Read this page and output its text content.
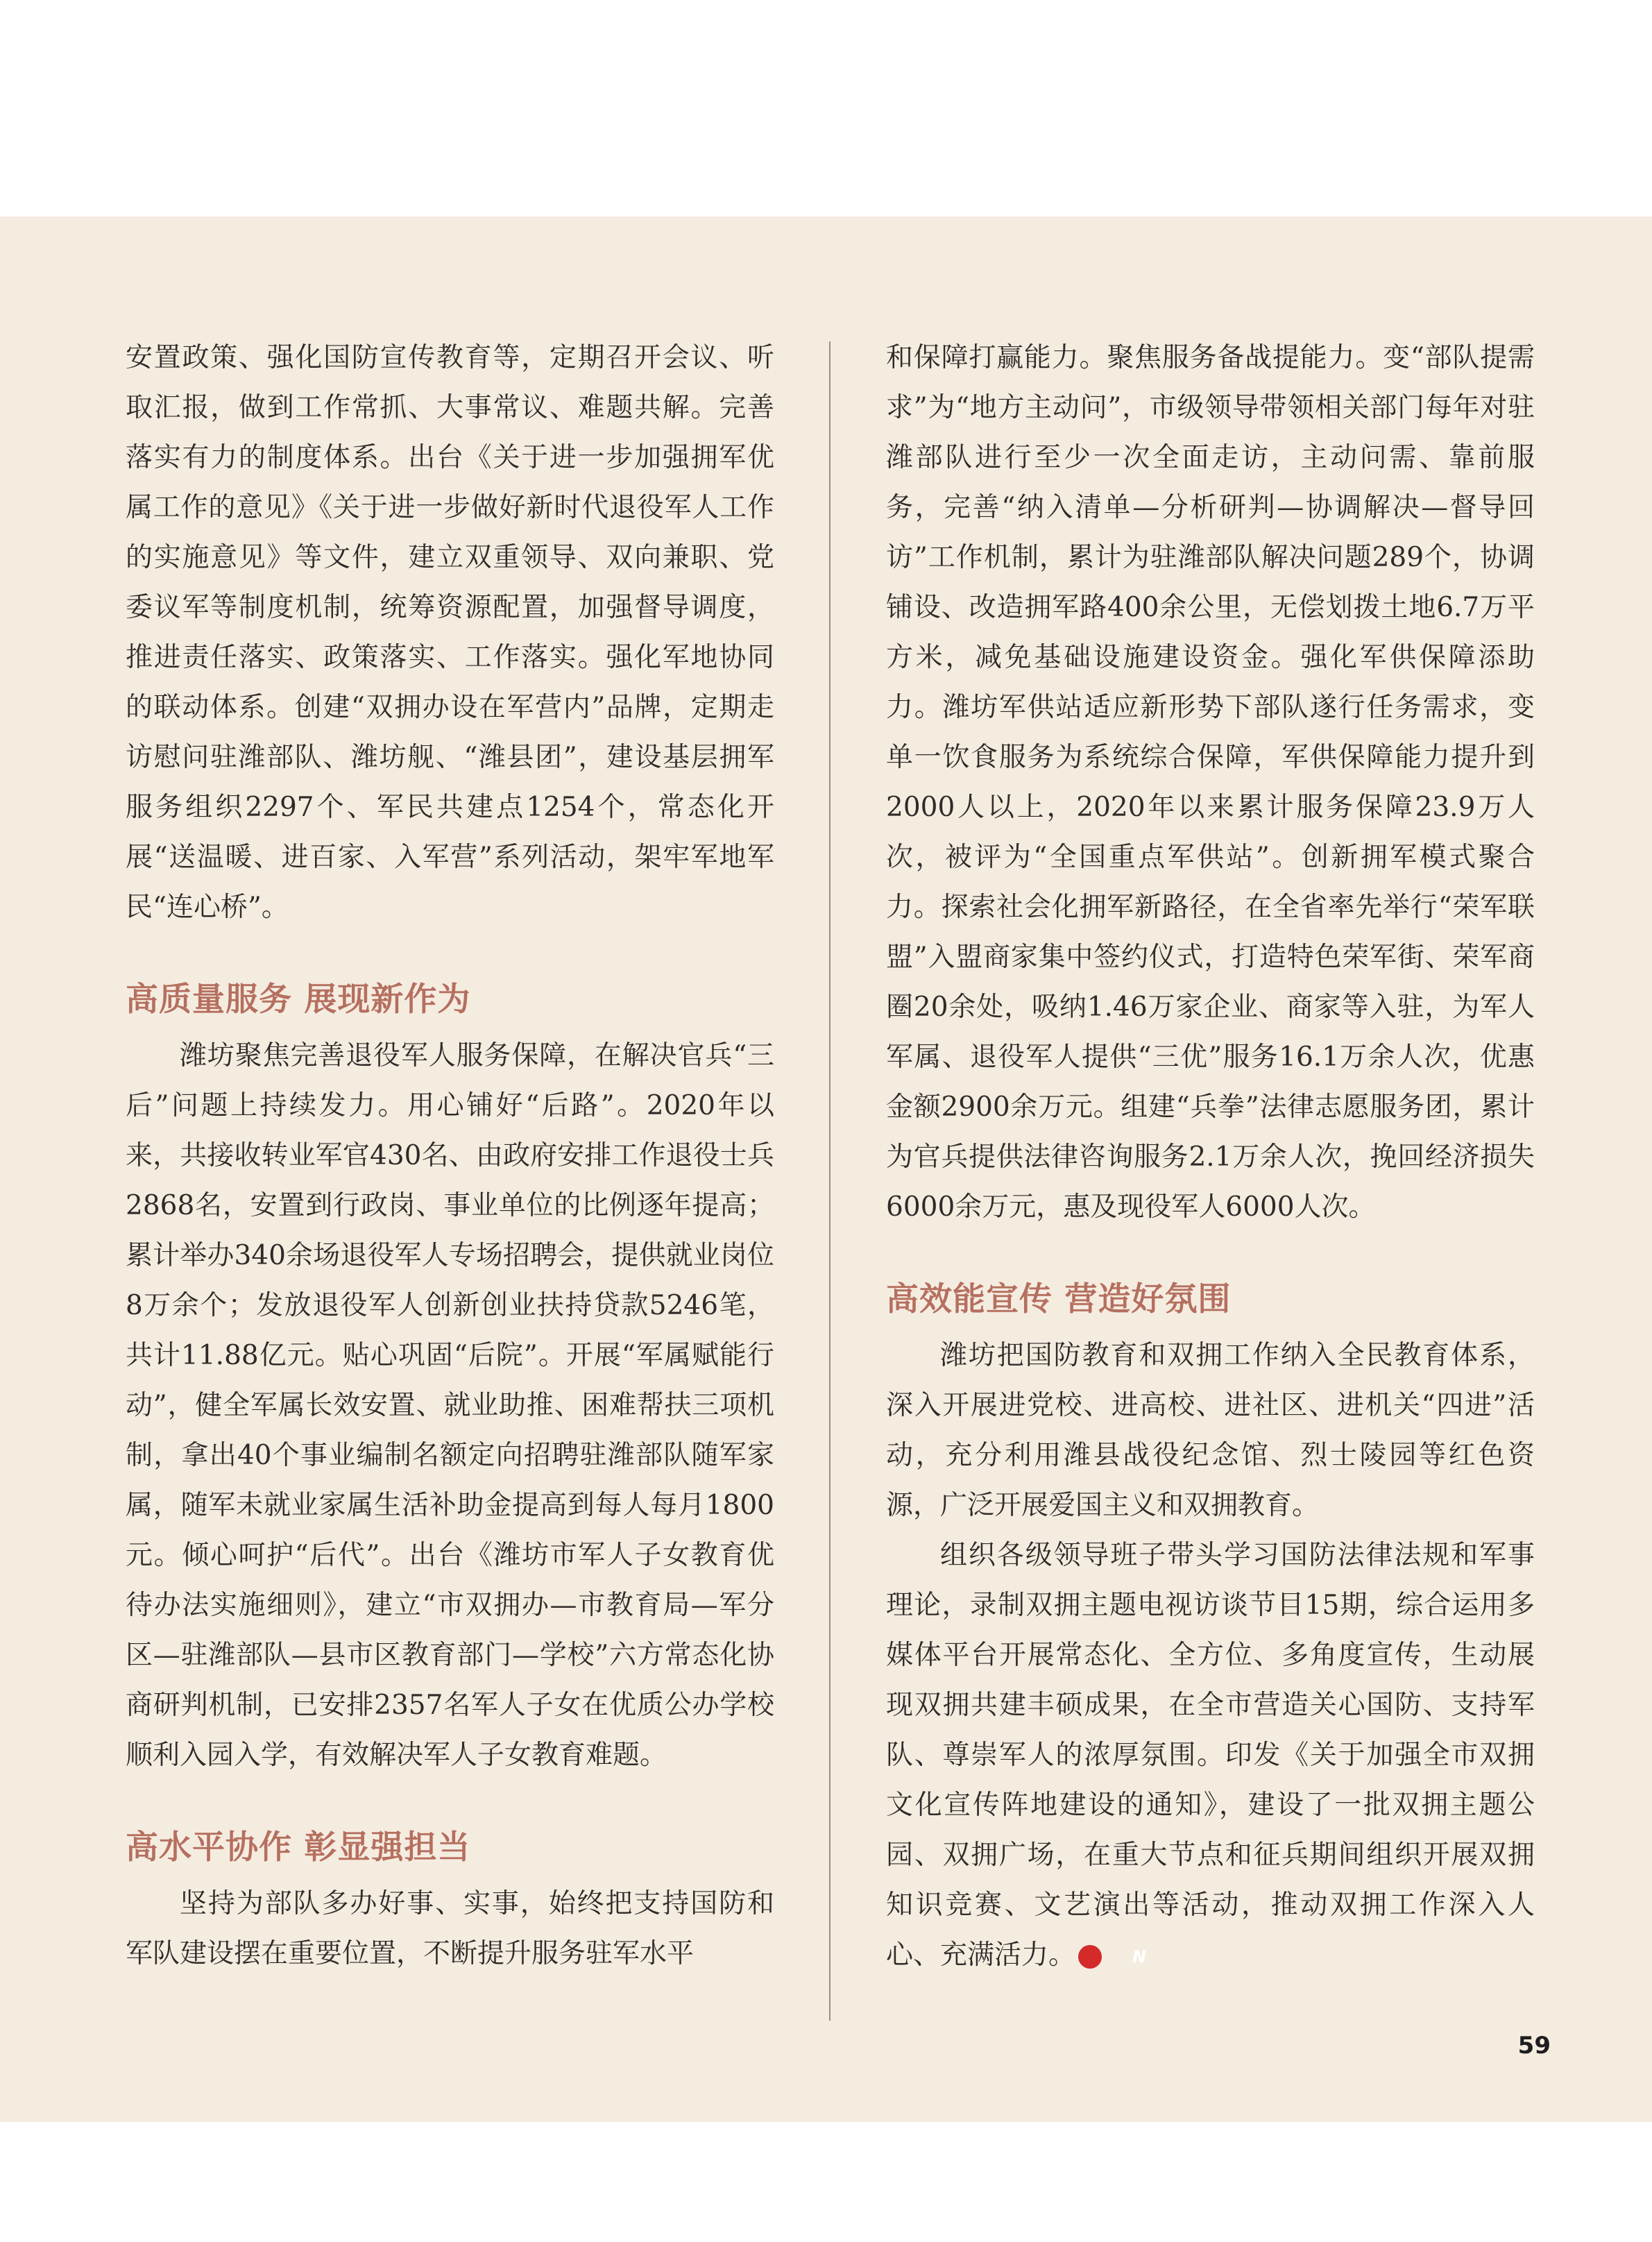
安置政策、强化国防宣传教育等，定期召开会议、听取汇报，做到工作常抓、大事常议、难题共解。完善落实有力的制度体系。出台《关于进一步加强拥军优属工作的意见》《关于进一步做好新时代退役军人工作的实施意见》等文件，建立双重领导、双向兼职、党委议军等制度机制，统筹资源配置，加强督导调度，推进责任落实、政策落实、工作落实。强化军地协同的联动体系。创建“双拥办设在军营内”品牌，定期走访慰问驻潍部队、潍坊舰、“潍县团”，建设基层拥军服务组织2297个、军民共建点1254个，常态化开展“送温暖、进百家、入军营”系列活动，架牢军地军民“连心桥”。

高质量服务 展现新作为

潍坊聚焦完善退役军人服务保障，在解决官兵“三后”问题上持续发力。用心铺好“后路”。2020年以来，共接收转业军官430名、由政府安排工作退役士兵2868名，安置到行政岗、事业单位的比例逐年提高；累计举办340余场退役军人专场招聘会，提供就业岗位8万余个；发放退役军人创新创业扶持贷款5246笔，共计11.88亿元。贴心巩固“后院”。开展“军属赋能行动”，健全军属长效安置、就业助推、困难帮扶三项机制，拿出40个事业编制名额定向招聘驻潍部队随军家属，随军未就业家属生活补助金提高到每人每月1800元。倾心呵护“后代”。出台《潍坊市军人子女教育优待办法实施细则》，建立“市双拥办—市教育局—军分区—驻潍部队—县市区教育部门—学校”六方常态化协商研判机制，已安排2357名军人子女在优质公办学校顺利入园入学，有效解决军人子女教育难题。

高水平协作 彰显强担当

坚持为部队多办好事、实事，始终把支持国防和军队建设摆在重要位置，不断提升服务驻军水平

和保障打赢能力。聚焦服务备战提能力。变“部队提需求”为“地方主动问”，市级领导带领相关部门每年对驻潍部队进行至少一次全面走访，主动问需、靠前服务，完善“纳入清单—分析研判—协调解决—督导回访”工作机制，累计为驻潍部队解决问题289个，协调铺设、改造拥军路400余公里，无偿划拨土地6.7万平方米，减免基础设施建设资金。强化军供保障添助力。潍坊军供站适应新形势下部队遂行任务需求，变单一饮食服务为系统综合保障，军供保障能力提升到2000人以上，2020年以来累计服务保障23.9万人次，被评为“全国重点军供站”。创新拥军模式聚合力。探索社会化拥军新路径，在全省率先举行“荣军联盟”入盟商家集中签约仪式，打造特色荣军街、荣军商圈20余处，吸纳1.46万家企业、商家等入驻，为军人军属、退役军人提供“三优”服务16.1万余人次，优惠金额2900余万元。组建“兵拳”法律志愿服务团，累计为官兵提供法律咨询服务2.1万余人次，挽回经济损失6000余万元，惠及现役军人6000人次。

高效能宣传 营造好氛围

潍坊把国防教育和双拥工作纳入全民教育体系，深入开展进党校、进高校、进社区、进机关“四进”活动，充分利用潍县战役纪念馆、烈士陵园等红色资源，广泛开展爱国主义和双拥教育。

组织各级领导班子带头学习国防法律法规和军事理论，录制双拥主题电视访谈节目15期，综合运用多媒体平台开展常态化、全方位、多角度宣传，生动展现双拥共建丰硕成果，在全市营造关心国防、支持军队、尊崇军人的浓厚氛围。印发《关于加强全市双拥文化宣传阵地建设的通知》，建设了一批双拥主题公园、双拥广场，在重大节点和征兵期间组织开展双拥知识竞赛、文艺演出等活动，推动双拥工作深入人心、充满活力。	N

59
